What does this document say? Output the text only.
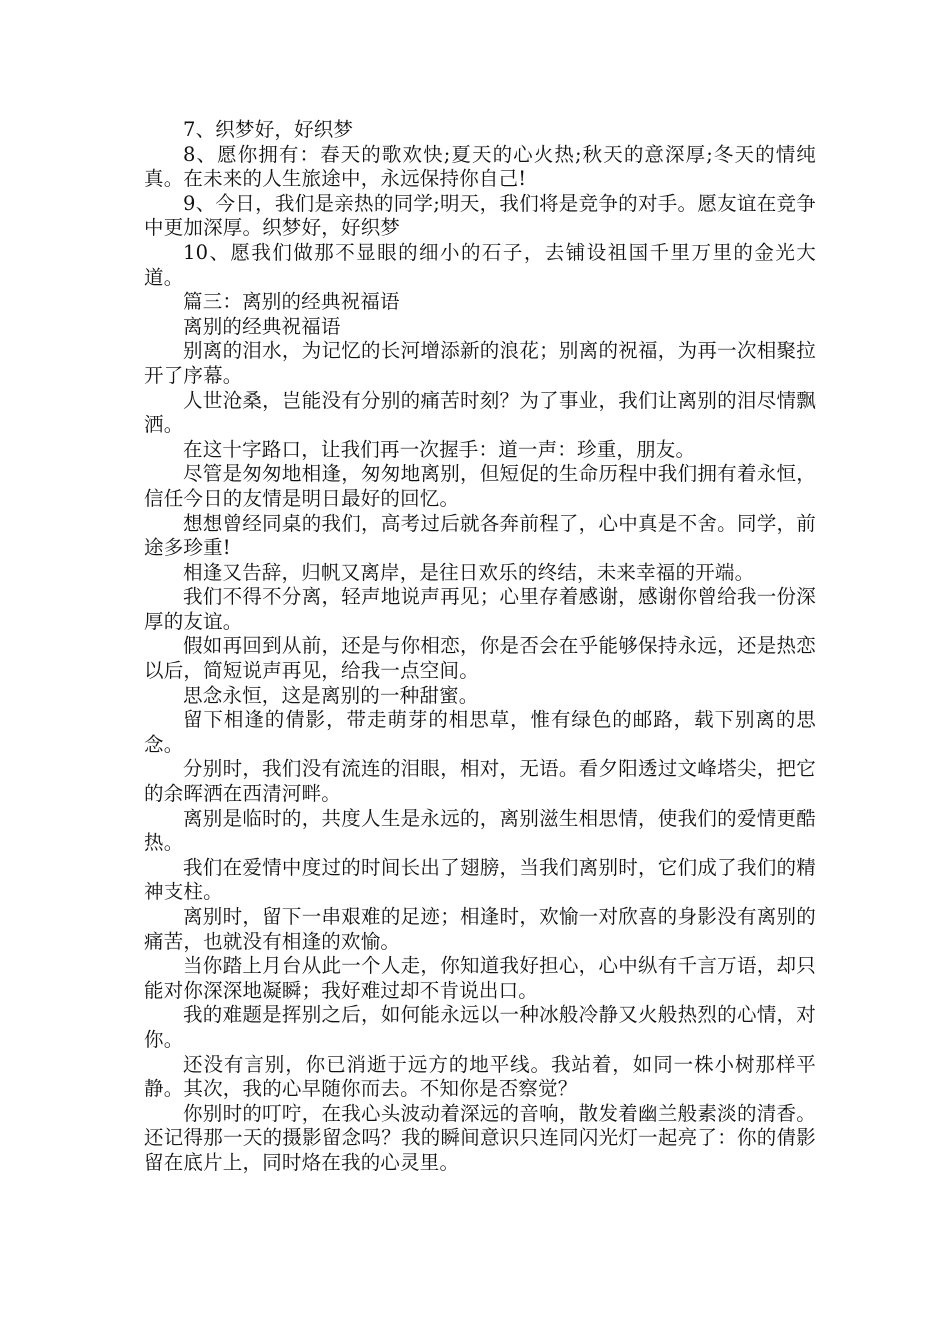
7、织梦好，好织梦

8、愿你拥有：春天的歌欢快;夏天的心火热;秋天的意深厚;冬天的情纯真。在未来的人生旅途中，永远保持你自己!

9、今日，我们是亲热的同学;明天，我们将是竞争的对手。愿友谊在竞争中更加深厚。织梦好，好织梦

10、愿我们做那不显眼的细小的石子，去铺设祖国千里万里的金光大道。

篇三：离别的经典祝福语

离别的经典祝福语

别离的泪水，为记忆的长河增添新的浪花；别离的祝福，为再一次相聚拉开了序幕。

人世沧桑，岂能没有分别的痛苦时刻？为了事业，我们让离别的泪尽情飘洒。

在这十字路口，让我们再一次握手：道一声：珍重，朋友。

尽管是匆匆地相逢，匆匆地离别，但短促的生命历程中我们拥有着永恒，信任今日的友情是明日最好的回忆。

想想曾经同桌的我们，高考过后就各奔前程了，心中真是不舍。同学，前途多珍重!

相逢又告辞，归帆又离岸，是往日欢乐的终结，未来幸福的开端。

我们不得不分离，轻声地说声再见；心里存着感谢，感谢你曾给我一份深厚的友谊。

假如再回到从前，还是与你相恋，你是否会在乎能够保持永远，还是热恋以后，简短说声再见，给我一点空间。

思念永恒，这是离别的一种甜蜜。

留下相逢的倩影，带走萌芽的相思草，惟有绿色的邮路，载下别离的思念。

分别时，我们没有流连的泪眼，相对，无语。看夕阳透过文峰塔尖，把它的余晖洒在西清河畔。

离别是临时的，共度人生是永远的，离别滋生相思情，使我们的爱情更酷热。

我们在爱情中度过的时间长出了翅膀，当我们离别时，它们成了我们的精神支柱。

离别时，留下一串艰难的足迹；相逢时，欢愉一对欣喜的身影没有离别的痛苦，也就没有相逢的欢愉。

当你踏上月台从此一个人走，你知道我好担心，心中纵有千言万语，却只能对你深深地凝瞬；我好难过却不肯说出口。

我的难题是挥别之后，如何能永远以一种冰般冷静又火般热烈的心情，对你。

还没有言别，你已消逝于远方的地平线。我站着，如同一株小树那样平静。其次，我的心早随你而去。不知你是否察觉？

你别时的叮咛，在我心头波动着深远的音响，散发着幽兰般素淡的清香。还记得那一天的摄影留念吗？我的瞬间意识只连同闪光灯一起亮了：你的倩影留在底片上，同时烙在我的心灵里。
